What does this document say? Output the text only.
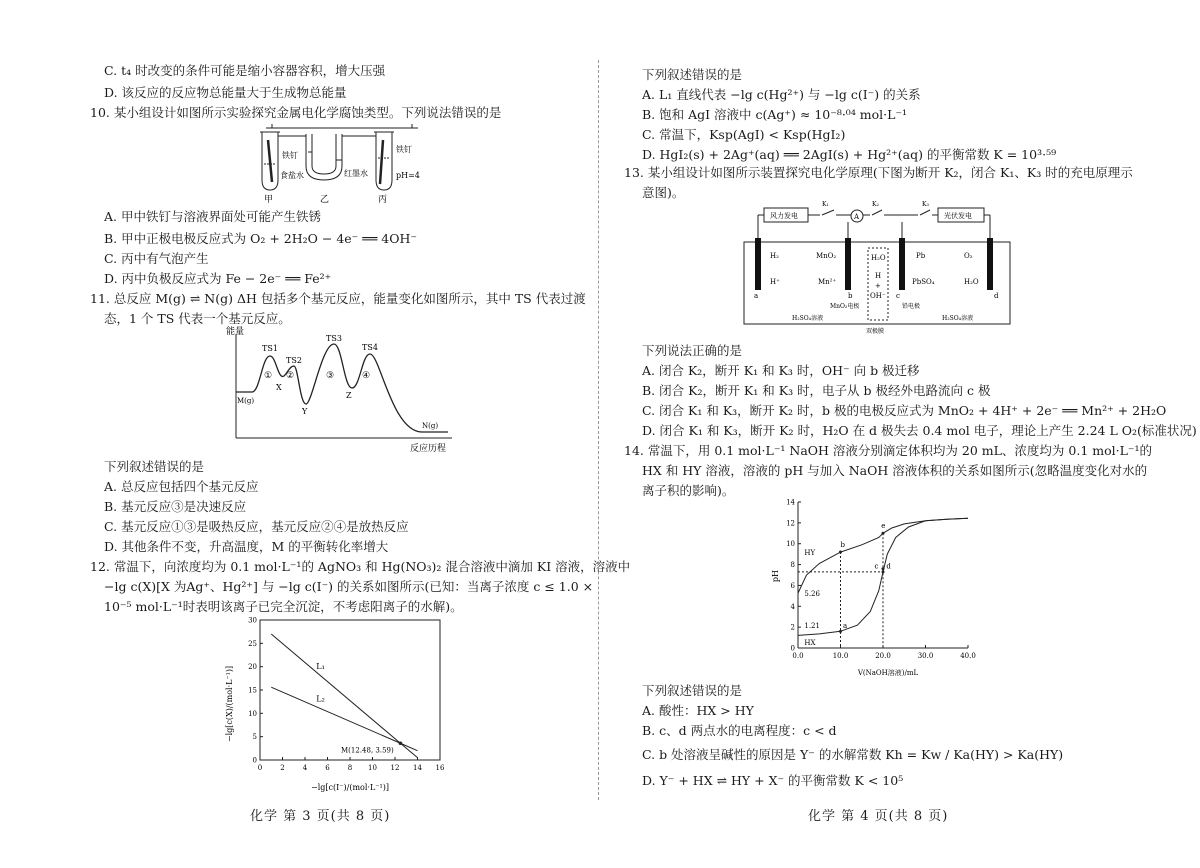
C. t₄ 时改变的条件可能是缩小容器容积，增大压强
D. 该反应的反应物总能量大于生成物总能量
10. 某小组设计如图所示实验探究金属电化学腐蚀类型。下列说法错误的是
铁钉
食盐水	红墨水
铁钉
pH=4
甲	乙	丙
A. 甲中铁钉与溶液界面处可能产生铁锈
B. 甲中正极电极反应式为 O₂ + 2H₂O − 4e⁻ ══ 4OH⁻
C. 丙中有气泡产生
D. 丙中负极反应式为 Fe − 2e⁻ ══ Fe²⁺
11. 总反应 M(g) ⇌ N(g) ΔH 包括多个基元反应，能量变化如图所示，其中 TS 代表过渡
态，1 个 TS 代表一个基元反应。
能量
反应历程
TS1
TS2
TS3
TS4
① ②	③	④
X
Y
Z
M(g)
N(g)
下列叙述错误的是
A. 总反应包括四个基元反应
B. 基元反应③是决速反应
C. 基元反应①③是吸热反应，基元反应②④是放热反应
D. 其他条件不变，升高温度，M 的平衡转化率增大
12. 常温下，向浓度均为 0.1 mol·L⁻¹的 AgNO₃ 和 Hg(NO₃)₂ 混合溶液中滴加 KI 溶液，溶液中
−lg c(X)[X 为Ag⁺、Hg²⁺] 与 −lg c(I⁻) 的关系如图所示(已知：当离子浓度 c ≤ 1.0 ×
10⁻⁵ mol·L⁻¹时表明该离子已完全沉淀，不考虑阳离子的水解)。
0	2	4	6	8 10 12 14 16
0
5
10
15
20
25
30
−lg[c(X)/(mol·L⁻¹)]
−lg[c(I⁻)/(mol·L⁻¹)]
L₁
L₂
M(12.48, 3.59)
化学 第 3 页(共 8 页)
下列叙述错误的是
A. L₁ 直线代表 −lg c(Hg²⁺) 与 −lg c(I⁻) 的关系
B. 饱和 AgI 溶液中 c(Ag⁺) ≈ 10⁻⁸·⁰⁴ mol·L⁻¹
C. 常温下，Ksp(AgI) < Ksp(HgI₂)
D. HgI₂(s) + 2Ag⁺(aq) ══ 2AgI(s) + Hg²⁺(aq) 的平衡常数 K = 10³·⁵⁹
13. 某小组设计如图所示装置探究电化学原理(下图为断开 K₂，闭合 K₁、K₃ 时的充电原理示
意图)。
风力发电	光伏发电
K₁	K₂	K₃
A
H₂
H⁺
MnO₂
Mn²⁺
H₂O
H
+
OH⁻
Pb
PbSO₄
O₂
H₂O
a	b	c	d
MnO₂电极	铅电极
H₂SO₄溶液	H₂SO₄溶液
双极膜
下列说法正确的是
A. 闭合 K₂，断开 K₁ 和 K₃ 时，OH⁻ 向 b 极迁移
B. 闭合 K₂，断开 K₁ 和 K₃ 时，电子从 b 极经外电路流向 c 极
C. 闭合 K₁ 和 K₃，断开 K₂ 时，b 极的电极反应式为 MnO₂ + 4H⁺ + 2e⁻ ══ Mn²⁺ + 2H₂O
D. 闭合 K₁ 和 K₃，断开 K₂ 时，H₂O 在 d 极失去 0.4 mol 电子，理论上产生 2.24 L O₂(标准状况)
14. 常温下，用 0.1 mol·L⁻¹ NaOH 溶液分别滴定体积均为 20 mL、浓度均为 0.1 mol·L⁻¹的
HX 和 HY 溶液，溶液的 pH 与加入 NaOH 溶液体积的关系如图所示(忽略温度变化对水的
离子积的影响)。
0.0	10.0	20.0	30.0	40.0
0
2
4
6
8
10
12
14
pH
V(NaOH溶液)/mL
HY
HX
5.26
1.21	a
b
c d
e
下列叙述错误的是
A. 酸性：HX > HY
B. c、d 两点水的电离程度：c < d
C. b 处溶液呈碱性的原因是 Y⁻ 的水解常数 Kh = Kw / Ka(HY) > Ka(HY)
D. Y⁻ + HX ⇌ HY + X⁻ 的平衡常数 K < 10⁵
化学 第 4 页(共 8 页)
